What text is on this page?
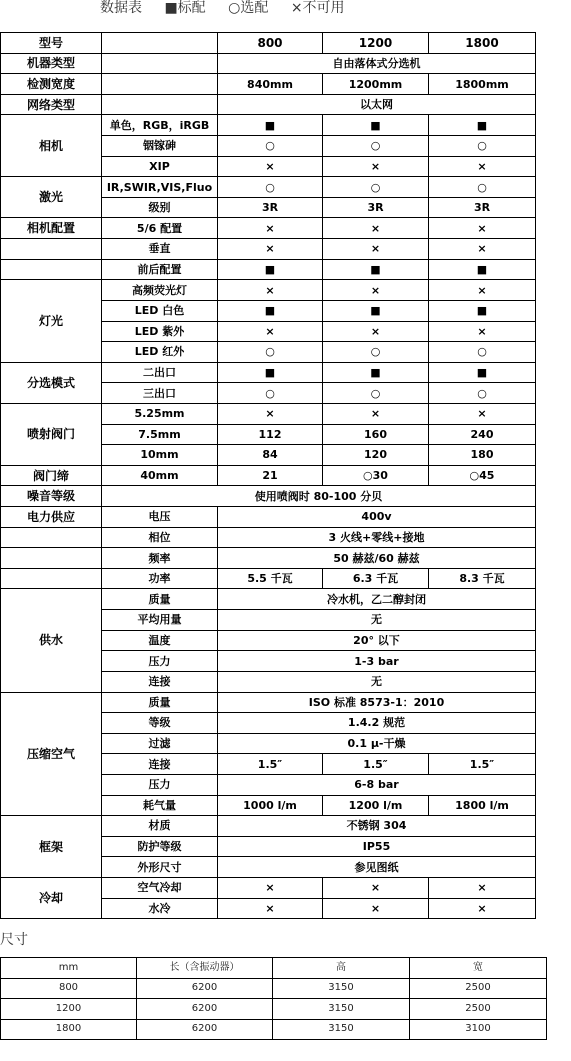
数据表 ■标配 ○选配 ×不可用
型号		800	1200	1800
机器类型		自由落体式分选机		
检测宽度		840mm	1200mm	1800mm
网络类型		以太网		
相机	单色，RGB，iRGB	■	■	■
	铟镓砷	○	○	○
	XIP	×	×	×
激光	IR,SWIR,VIS,Fluo	○	○	○
	级别	3R	3R	3R
相机配置	5/6 配置	×	×	×
	垂直	×	×	×
	前后配置	■	■	■
灯光	高频荧光灯	×	×	×
	LED 白色	■	■	■
	LED 紫外	×	×	×
	LED 红外	○	○	○
分选模式	二出口	■	■	■
	三出口	○	○	○
喷射阀门	5.25mm	×	×	×
	7.5mm	112	160	240
	10mm	84	120	180
阀门缔	40mm	21	○30	○45
噪音等级	使用喷阀时 80-100 分贝			
电力供应	电压	400v		
	相位	3 火线+零线+接地		
	频率	50 赫兹/60 赫兹		
	功率	5.5 千瓦	6.3 千瓦	8.3 千瓦
供水	质量	冷水机，乙二醇封闭		
	平均用量	无		
	温度	20° 以下		
	压力	1-3 bar		
	连接	无		
压缩空气	质量	ISO 标准 8573-1：2010		
	等级	1.4.2 规范		
	过滤	0.1 μ-干燥		
	连接	1.5″	1.5″	1.5″
	压力	6-8 bar		
	耗气量	1000 l/m	1200 l/m	1800 l/m
框架	材质	不锈钢 304		
	防护等级	IP55		
	外形尺寸	参见图纸		
冷却	空气冷却	×	×	×
	水冷	×	×	×
尺寸
mm	长（含振动器）	高	宽
800	6200	3150	2500
1200	6200	3150	2500
1800	6200	3150	3100
